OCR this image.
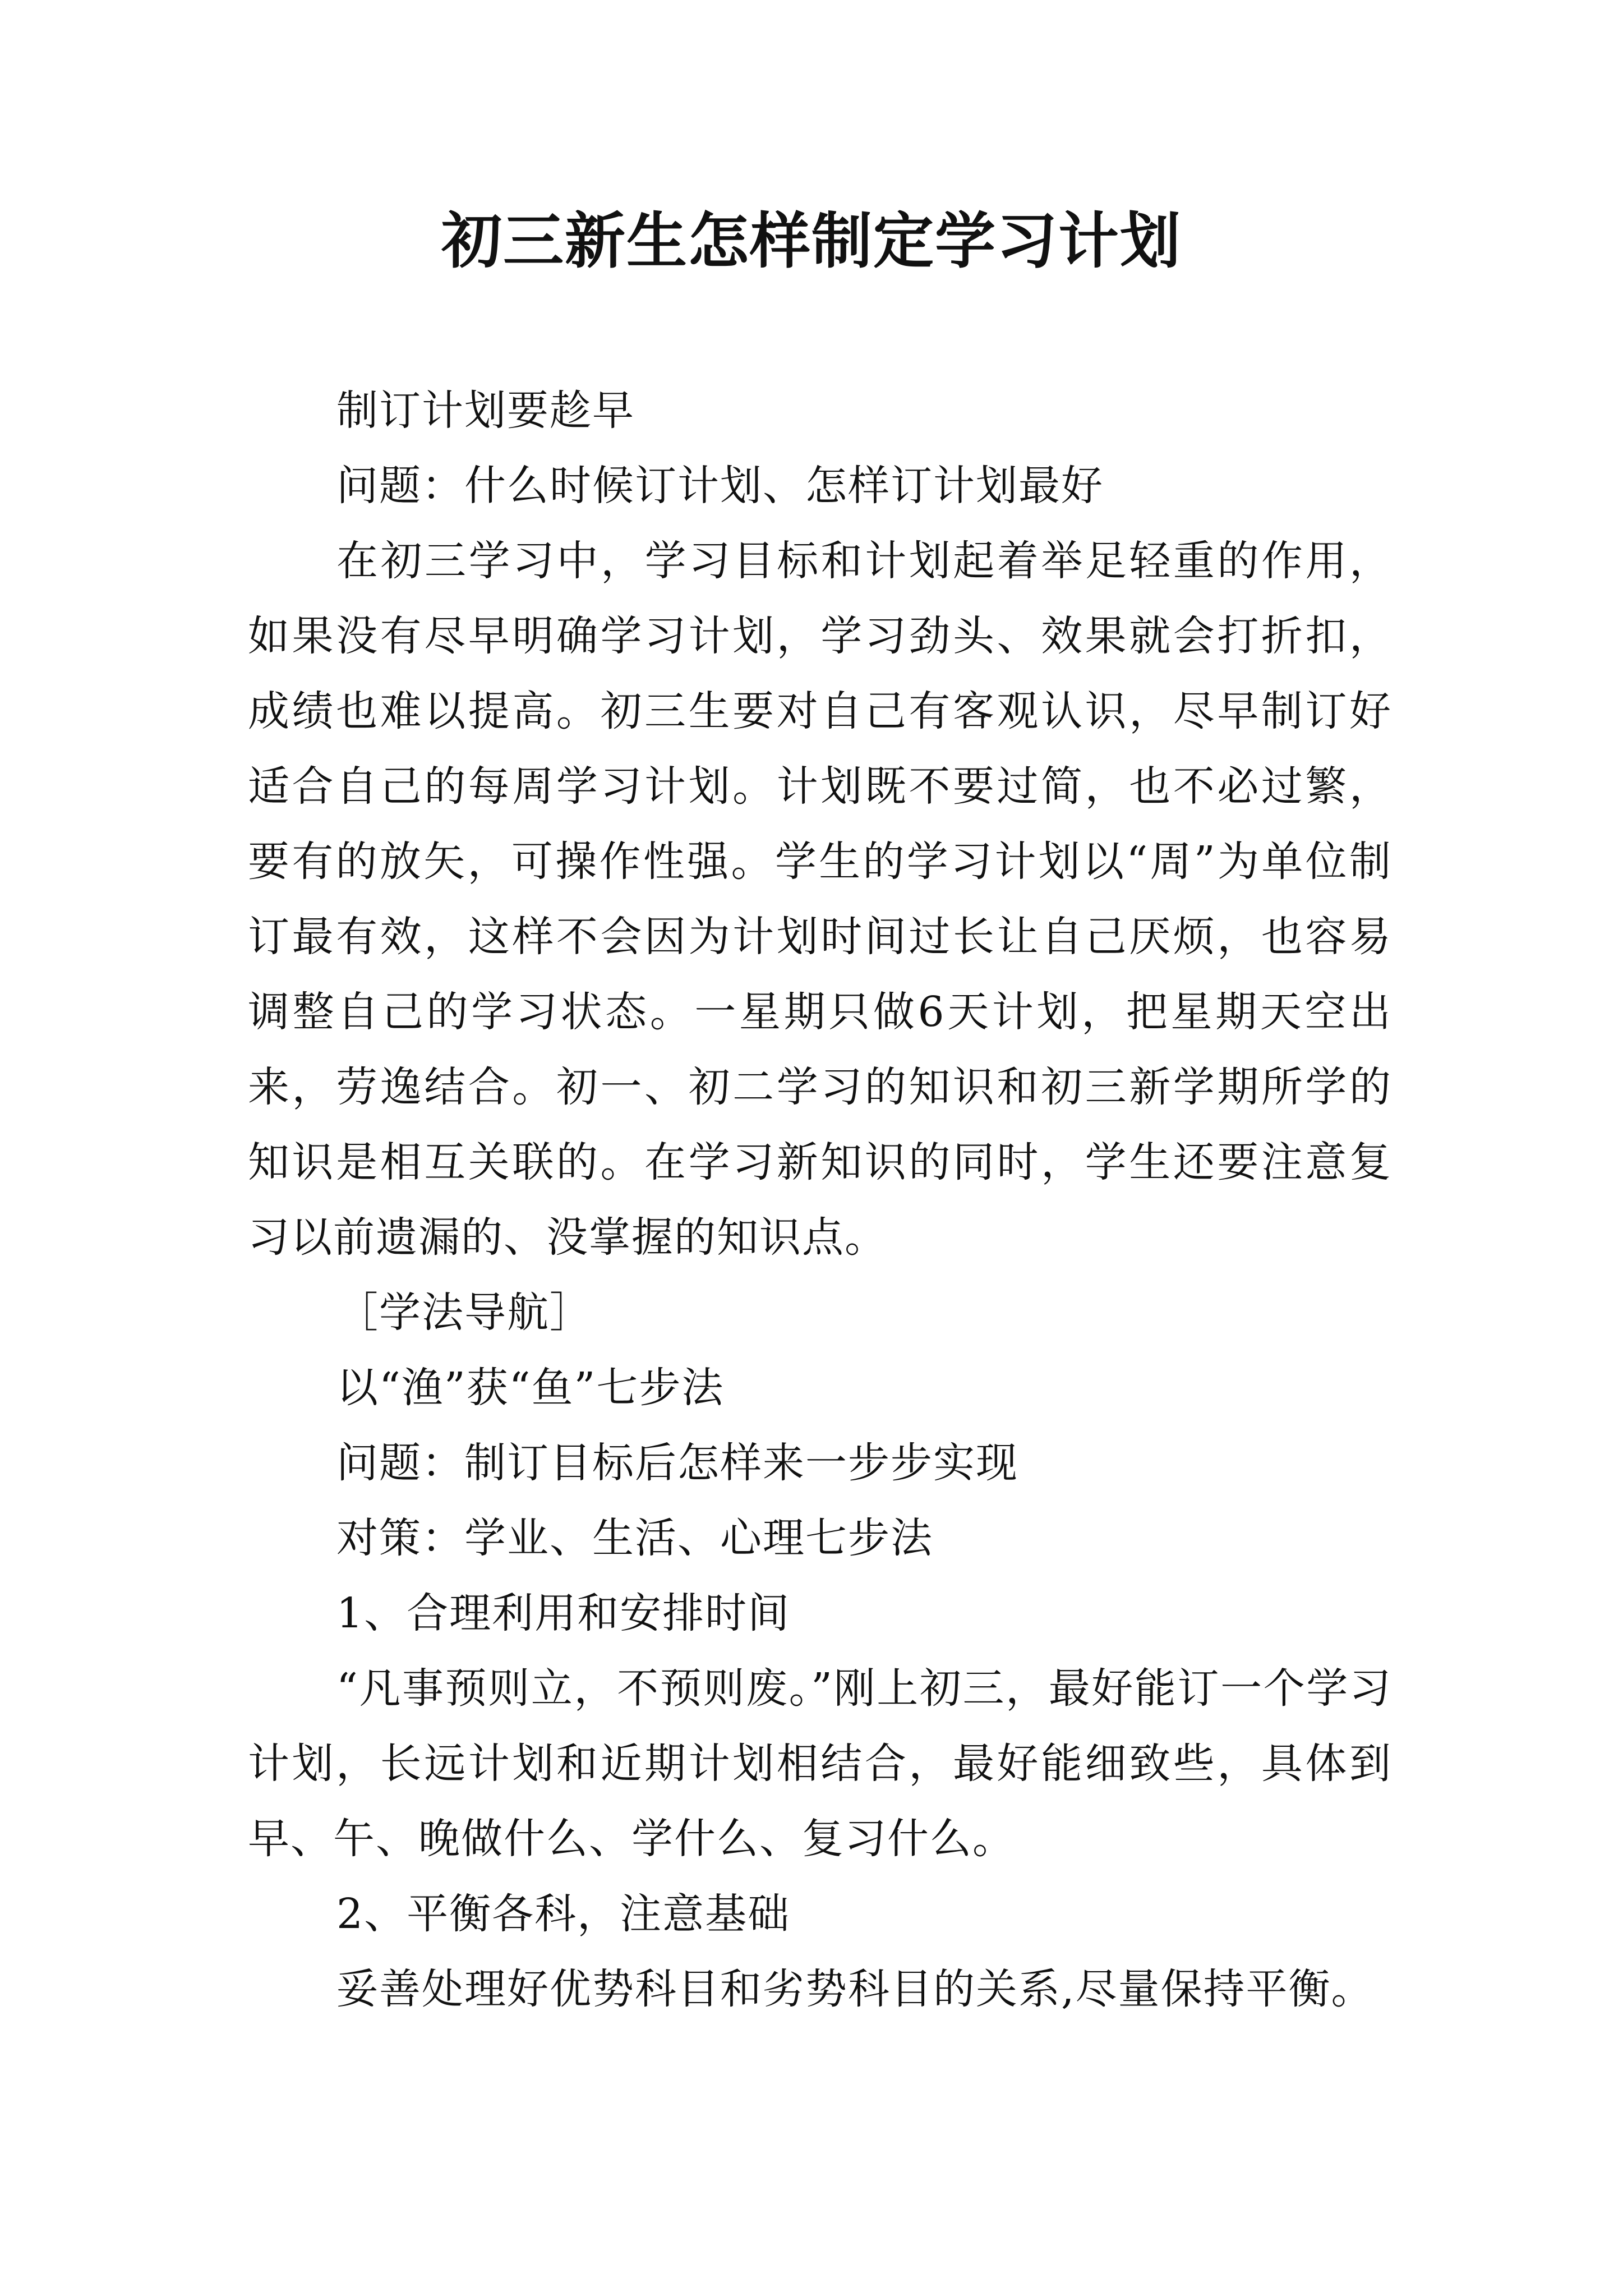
初三新生怎样制定学习计划

制订计划要趁早

问题：什么时候订计划、怎样订计划最好

在初三学习中，学习目标和计划起着举足轻重的作用，如果没有尽早明确学习计划，学习劲头、效果就会打折扣，成绩也难以提高。初三生要对自己有客观认识，尽早制订好适合自己的每周学习计划。计划既不要过简，也不必过繁，要有的放矢，可操作性强。学生的学习计划以“周”为单位制订最有效，这样不会因为计划时间过长让自己厌烦，也容易调整自己的学习状态。一星期只做6天计划，把星期天空出来，劳逸结合。初一、初二学习的知识和初三新学期所学的知识是相互关联的。在学习新知识的同时，学生还要注意复习以前遗漏的、没掌握的知识点。

［学法导航］

以“渔”获“鱼”七步法

问题：制订目标后怎样来一步步实现

对策：学业、生活、心理七步法

1、合理利用和安排时间

“凡事预则立，不预则废。”刚上初三，最好能订一个学习计划，长远计划和近期计划相结合，最好能细致些，具体到早、午、晚做什么、学什么、复习什么。

2、平衡各科，注意基础

妥善处理好优势科目和劣势科目的关系,尽量保持平衡。
